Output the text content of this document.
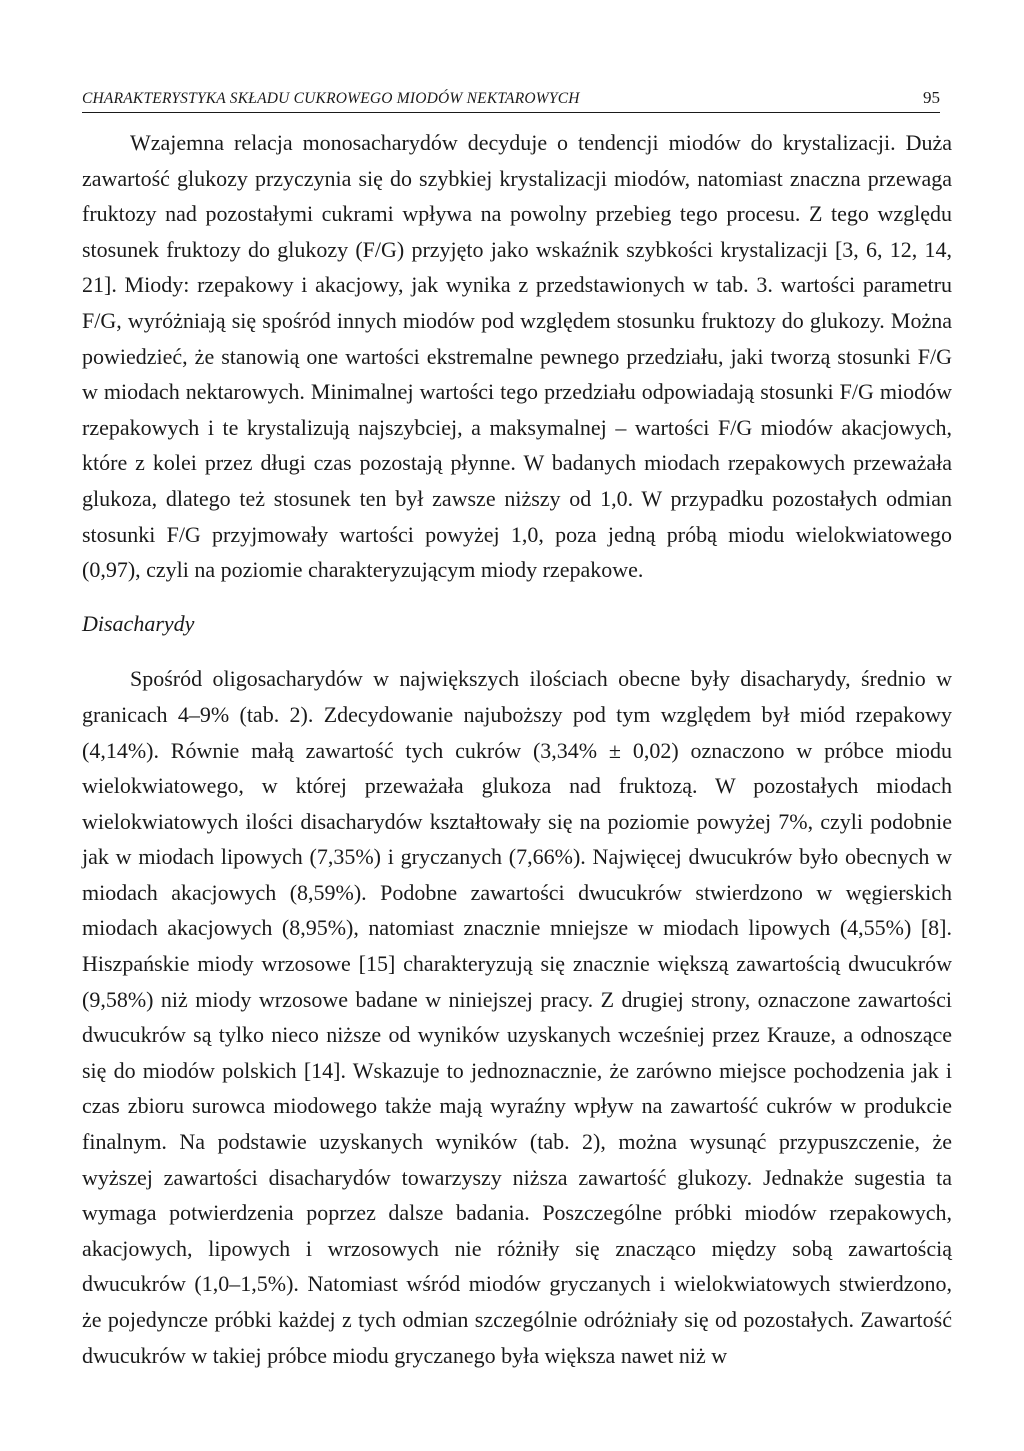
CHARAKTERYSTYKA SKŁADU CUKROWEGO MIODÓW NEKTAROWYCH	95

Wzajemna relacja monosacharydów decyduje o tendencji miodów do krystalizacji. Duża zawartość glukozy przyczynia się do szybkiej krystalizacji miodów, natomiast znaczna przewaga fruktozy nad pozostałymi cukrami wpływa na powolny przebieg tego procesu. Z tego względu stosunek fruktozy do glukozy (F/G) przyjęto jako wskaźnik szybkości krystalizacji [3, 6, 12, 14, 21]. Miody: rzepakowy i akacjowy, jak wynika z przedstawionych w tab. 3. wartości parametru F/G, wyróżniają się spośród innych miodów pod względem stosunku fruktozy do glukozy. Można powiedzieć, że stanowią one wartości ekstremalne pewnego przedziału, jaki tworzą stosunki F/G w miodach nektarowych. Minimalnej wartości tego przedziału odpowiadają stosunki F/G miodów rzepakowych i te krystalizują najszybciej, a maksymalnej – wartości F/G miodów akacjowych, które z kolei przez długi czas pozostają płynne. W badanych miodach rzepakowych przeważała glukoza, dlatego też stosunek ten był zawsze niższy od 1,0. W przypadku pozostałych odmian stosunki F/G przyjmowały wartości powyżej 1,0, poza jedną próbą miodu wielokwiatowego (0,97), czyli na poziomie charakteryzującym miody rzepakowe.

Disacharydy

Spośród oligosacharydów w największych ilościach obecne były disacharydy, średnio w granicach 4–9% (tab. 2). Zdecydowanie najuboższy pod tym względem był miód rzepakowy (4,14%). Równie małą zawartość tych cukrów (3,34% ± 0,02) oznaczono w próbce miodu wielokwiatowego, w której przeważała glukoza nad fruktozą. W pozostałych miodach wielokwiatowych ilości disacharydów kształtowały się na poziomie powyżej 7%, czyli podobnie jak w miodach lipowych (7,35%) i gryczanych (7,66%). Najwięcej dwucukrów było obecnych w miodach akacjowych (8,59%). Podobne zawartości dwucukrów stwierdzono w węgierskich miodach akacjowych (8,95%), natomiast znacznie mniejsze w miodach lipowych (4,55%) [8]. Hiszpańskie miody wrzosowe [15] charakteryzują się znacznie większą zawartością dwucukrów (9,58%) niż miody wrzosowe badane w niniejszej pracy. Z drugiej strony, oznaczone zawartości dwucukrów są tylko nieco niższe od wyników uzyskanych wcześniej przez Krauze, a odnoszące się do miodów polskich [14]. Wskazuje to jednoznacznie, że zarówno miejsce pochodzenia jak i czas zbioru surowca miodowego także mają wyraźny wpływ na zawartość cukrów w produkcie finalnym. Na podstawie uzyskanych wyników (tab. 2), można wysunąć przypuszczenie, że wyższej zawartości disacharydów towarzyszy niższa zawartość glukozy. Jednakże sugestia ta wymaga potwierdzenia poprzez dalsze badania. Poszczególne próbki miodów rzepakowych, akacjowych, lipowych i wrzosowych nie różniły się znacząco między sobą zawartością dwucukrów (1,0–1,5%). Natomiast wśród miodów gryczanych i wielokwiatowych stwierdzono, że pojedyncze próbki każdej z tych odmian szczególnie odróżniały się od pozostałych. Zawartość dwucukrów w takiej próbce miodu gryczanego była większa nawet niż w
